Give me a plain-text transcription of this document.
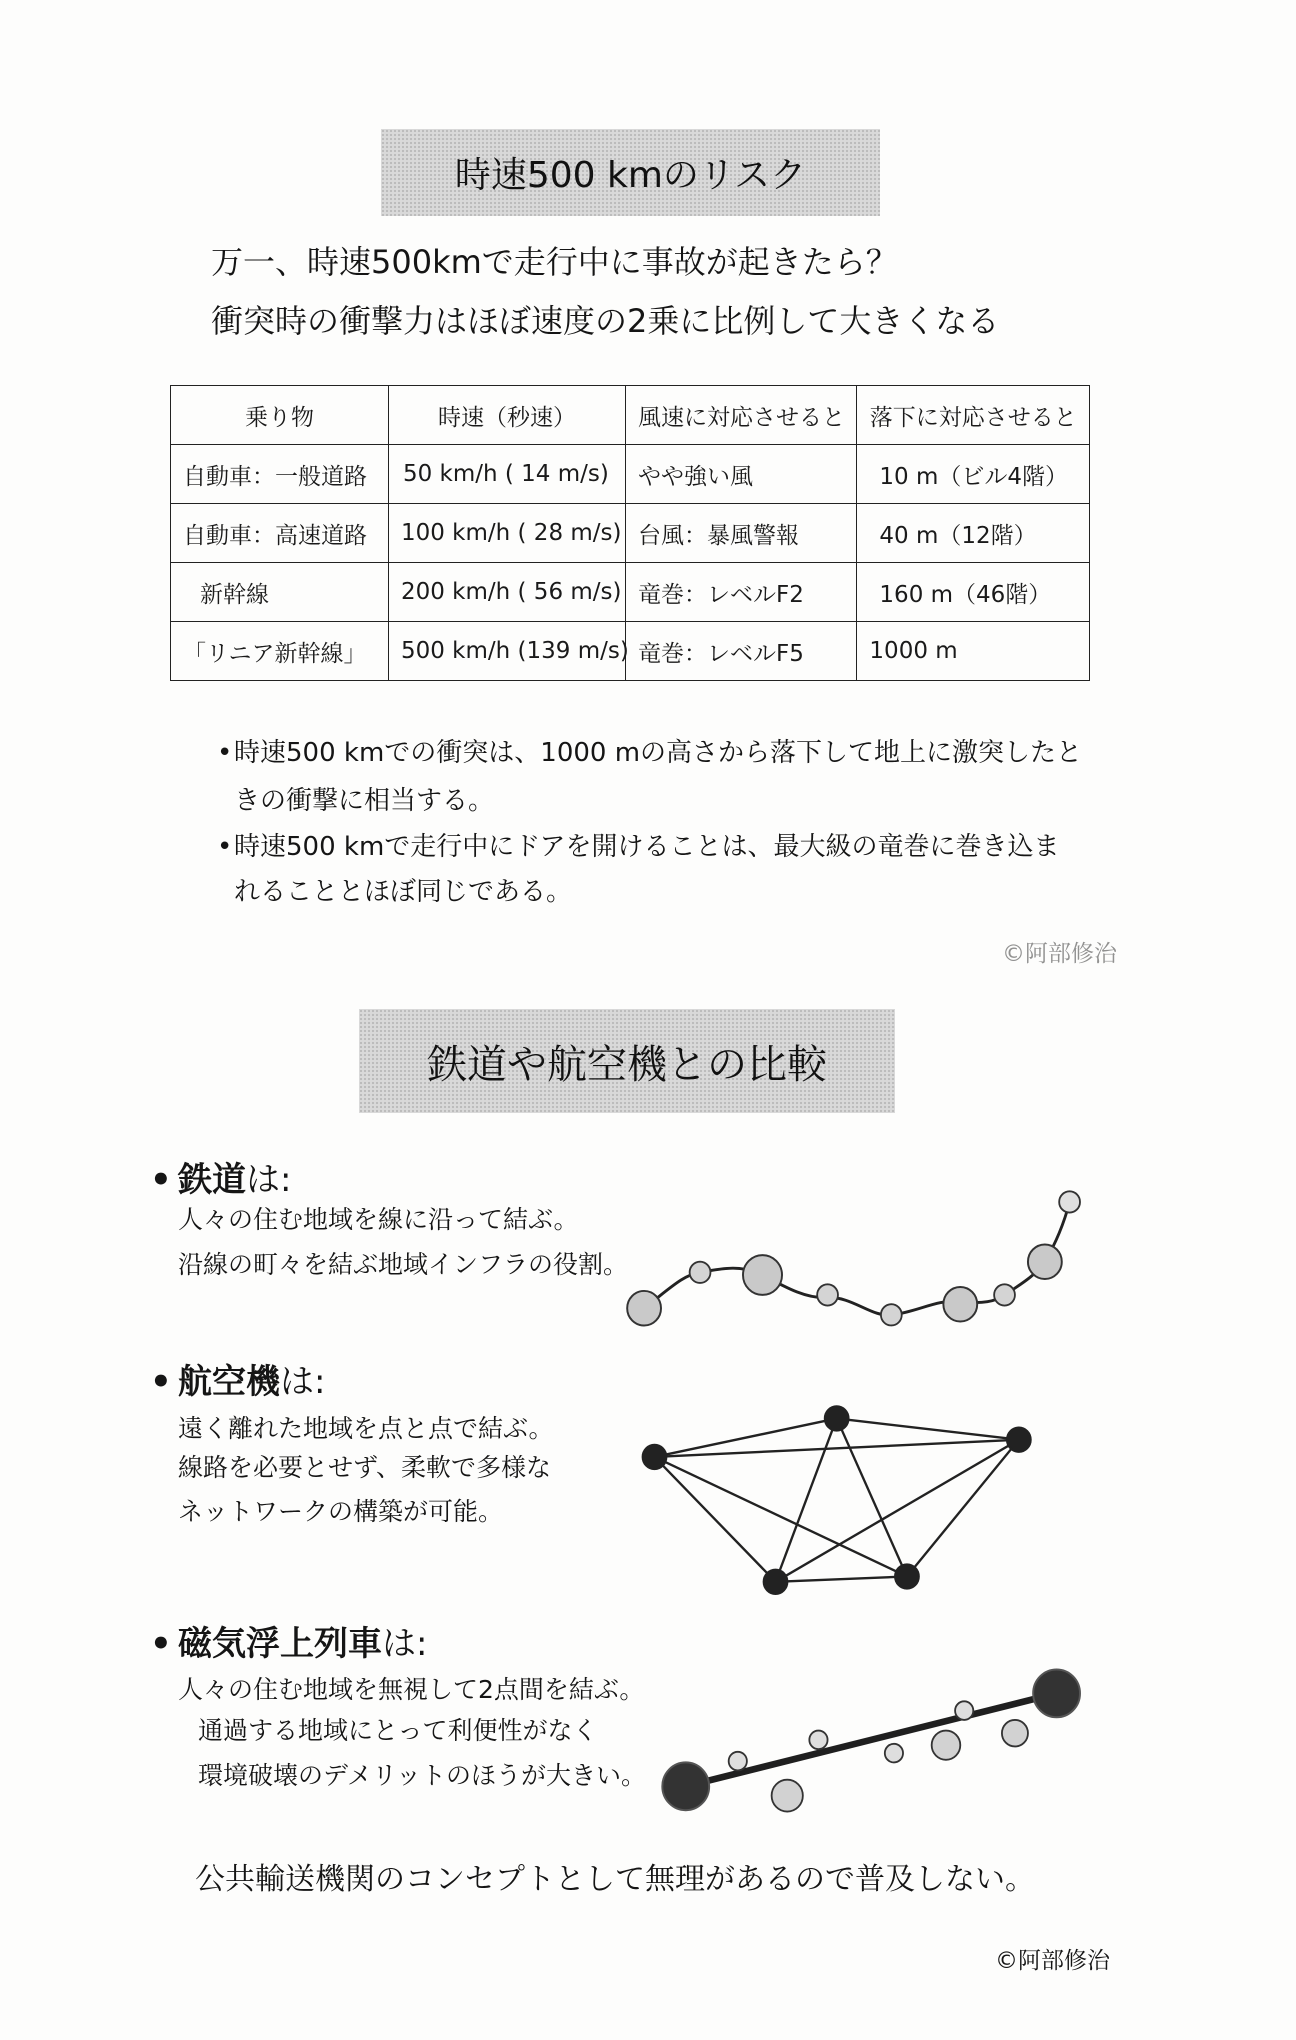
時速500 kmのリスク
万一、時速500kmで走行中に事故が起きたら？
衝突時の衝撃力はほぼ速度の2乗に比例して大きくなる
乗り物	時速（秒速）	風速に対応させると	落下に対応させると
自動車：一般道路	50 km/h ( 14 m/s)	やや強い風	10 m（ビル4階）
自動車：高速道路	100 km/h ( 28 m/s)	台風：暴風警報	40 m（12階）
新幹線	200 km/h ( 56 m/s)	竜巻：レベルF2	160 m（46階）
「リニア新幹線」	500 km/h (139 m/s)	竜巻：レベルF5	1000 m
•時速500 kmでの衝突は、1000 mの高さから落下して地上に激突したと
きの衝撃に相当する。
•時速500 kmで走行中にドアを開けることは、最大級の竜巻に巻き込ま
れることとほぼ同じである。
©阿部修治
鉄道や航空機との比較
• 鉄道は:
人々の住む地域を線に沿って結ぶ。
沿線の町々を結ぶ地域インフラの役割。
• 航空機は:
遠く離れた地域を点と点で結ぶ。
線路を必要とせず、柔軟で多様な
ネットワークの構築が可能。
• 磁気浮上列車は:
人々の住む地域を無視して2点間を結ぶ。
通過する地域にとって利便性がなく
環境破壊のデメリットのほうが大きい。
公共輸送機関のコンセプトとして無理があるので普及しない。
©阿部修治
